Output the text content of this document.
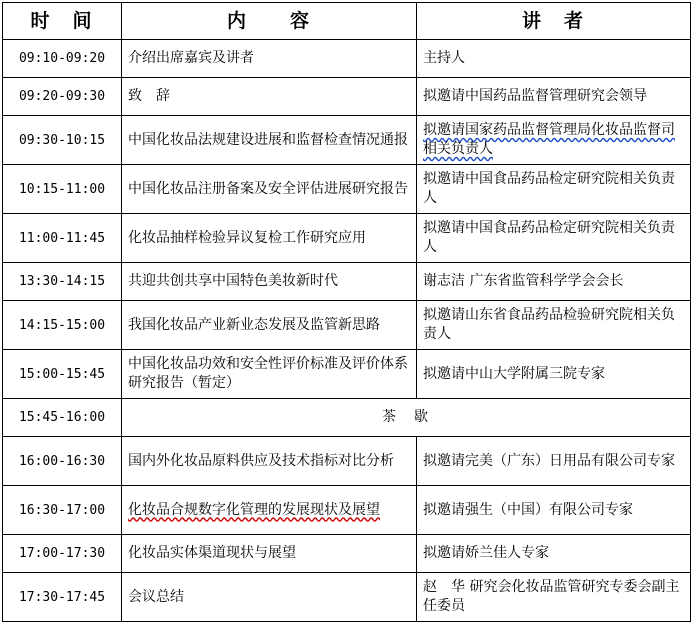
时　间	内　　容	讲　者
09:10-09:20	介绍出席嘉宾及讲者	主持人
09:20-09:30	致　辞	拟邀请中国药品监督管理研究会领导
09:30-10:15	中国化妆品法规建设进展和监督检查情况通报	拟邀请国家药品监督管理局化妆品监督司相关负责人
10:15-11:00	中国化妆品注册备案及安全评估进展研究报告	拟邀请中国食品药品检定研究院相关负责人
11:00-11:45	化妆品抽样检验异议复检工作研究应用	拟邀请中国食品药品检定研究院相关负责人
13:30-14:15	共迎共创共享中国特色美妆新时代	谢志洁 广东省监管科学学会会长
14:15-15:00	我国化妆品产业新业态发展及监管新思路	拟邀请山东省食品药品检验研究院相关负责人
15:00-15:45	中国化妆品功效和安全性评价标准及评价体系研究报告（暂定）	拟邀请中山大学附属三院专家
15:45-16:00	茶　歇	
16:00-16:30	国内外化妆品原料供应及技术指标对比分析	拟邀请完美（广东）日用品有限公司专家
16:30-17:00	化妆品合规数字化管理的发展现状及展望	拟邀请强生（中国）有限公司专家
17:00-17:30	化妆品实体渠道现状与展望	拟邀请娇兰佳人专家
17:30-17:45	会议总结	赵　华 研究会化妆品监管研究专委会副主任委员
